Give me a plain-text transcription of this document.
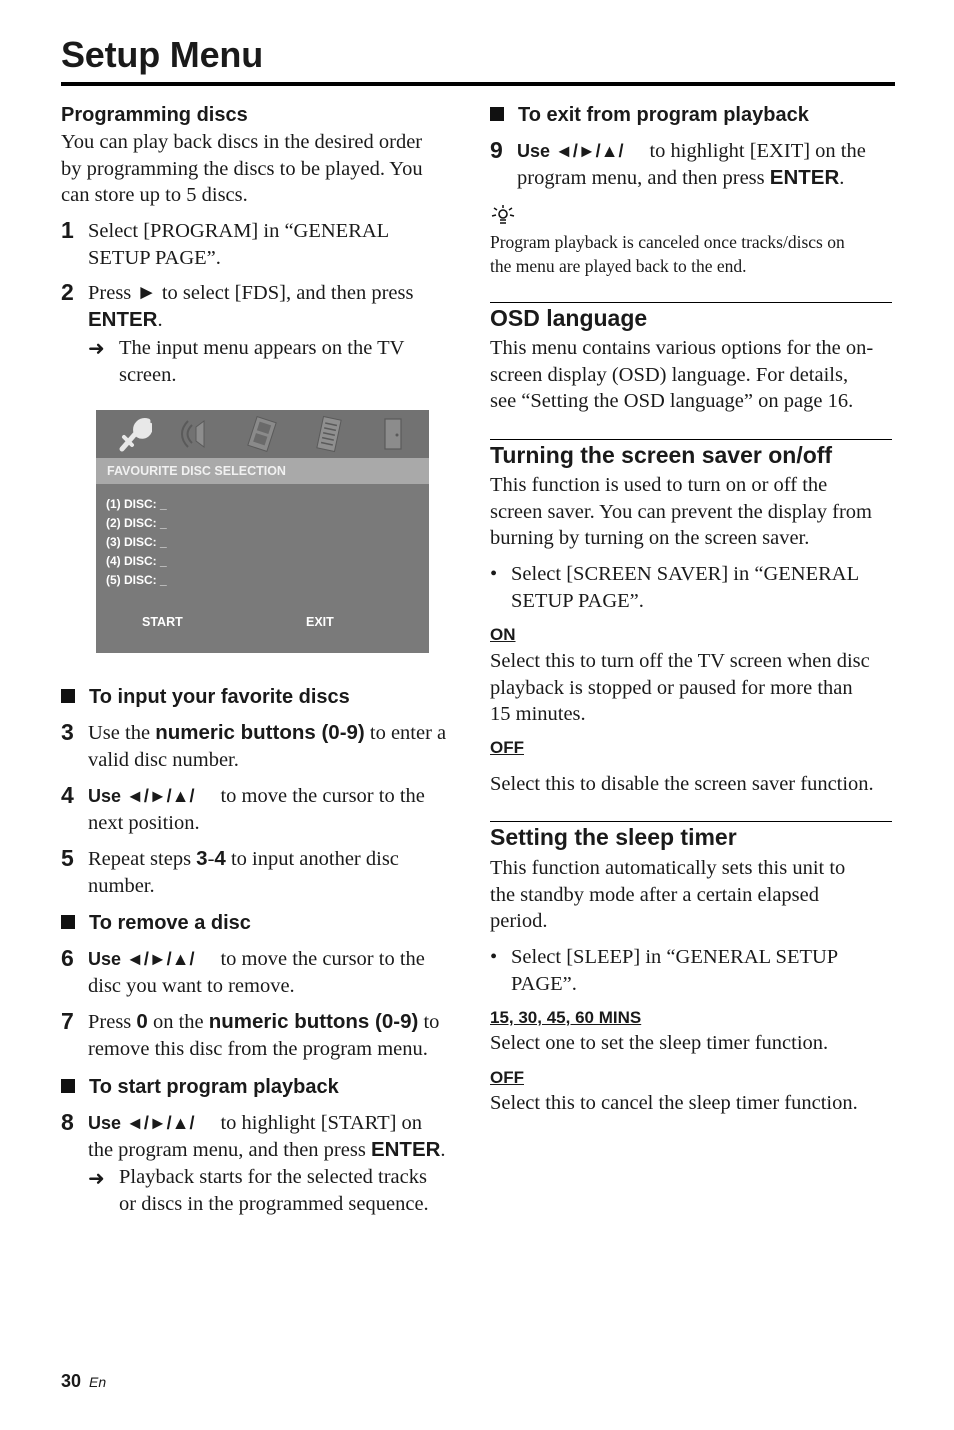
Setup Menu
Programming discs
You can play back discs in the desired order
by programming the discs to be played. You
can store up to 5 discs.
1 Select [PROGRAM] in “GENERAL
SETUP PAGE”.
2 Press ► to select [FDS], and then press
ENTER.
➜ The input menu appears on the TV
screen.
FAVOURITE DISC SELECTION
(1) DISC: _
(2) DISC: _
(3) DISC: _
(4) DISC: _
(5) DISC: _
START	EXIT
To input your favorite discs
3 Use the numeric buttons (0-9) to enter a
valid disc number.
4 Use ◄/►/▲/ to move the cursor to the
next position.
5 Repeat steps 3-4 to input another disc
number.
To remove a disc
6 Use ◄/►/▲/ to move the cursor to the
disc you want to remove.
7 Press 0 on the numeric buttons (0-9) to
remove this disc from the program menu.
To start program playback
8 Use ◄/►/▲/ to highlight [START] on
the program menu, and then press ENTER.
➜ Playback starts for the selected tracks
or discs in the programmed sequence.
To exit from program playback
9 Use ◄/►/▲/ to highlight [EXIT] on the
program menu, and then press ENTER.
Program playback is canceled once tracks/discs on
the menu are played back to the end.
OSD language
This menu contains various options for the on-
screen display (OSD) language. For details,
see “Setting the OSD language” on page 16.
Turning the screen saver on/off
This function is used to turn on or off the
screen saver. You can prevent the display from
burning by turning on the screen saver.
• Select [SCREEN SAVER] in “GENERAL
SETUP PAGE”.
ON
Select this to turn off the TV screen when disc
playback is stopped or paused for more than
15 minutes.
OFF
Select this to disable the screen saver function.
Setting the sleep timer
This function automatically sets this unit to
the standby mode after a certain elapsed
period.
• Select [SLEEP] in “GENERAL SETUP
PAGE”.
15, 30, 45, 60 MINS
Select one to set the sleep timer function.
OFF
Select this to cancel the sleep timer function.
30 En
